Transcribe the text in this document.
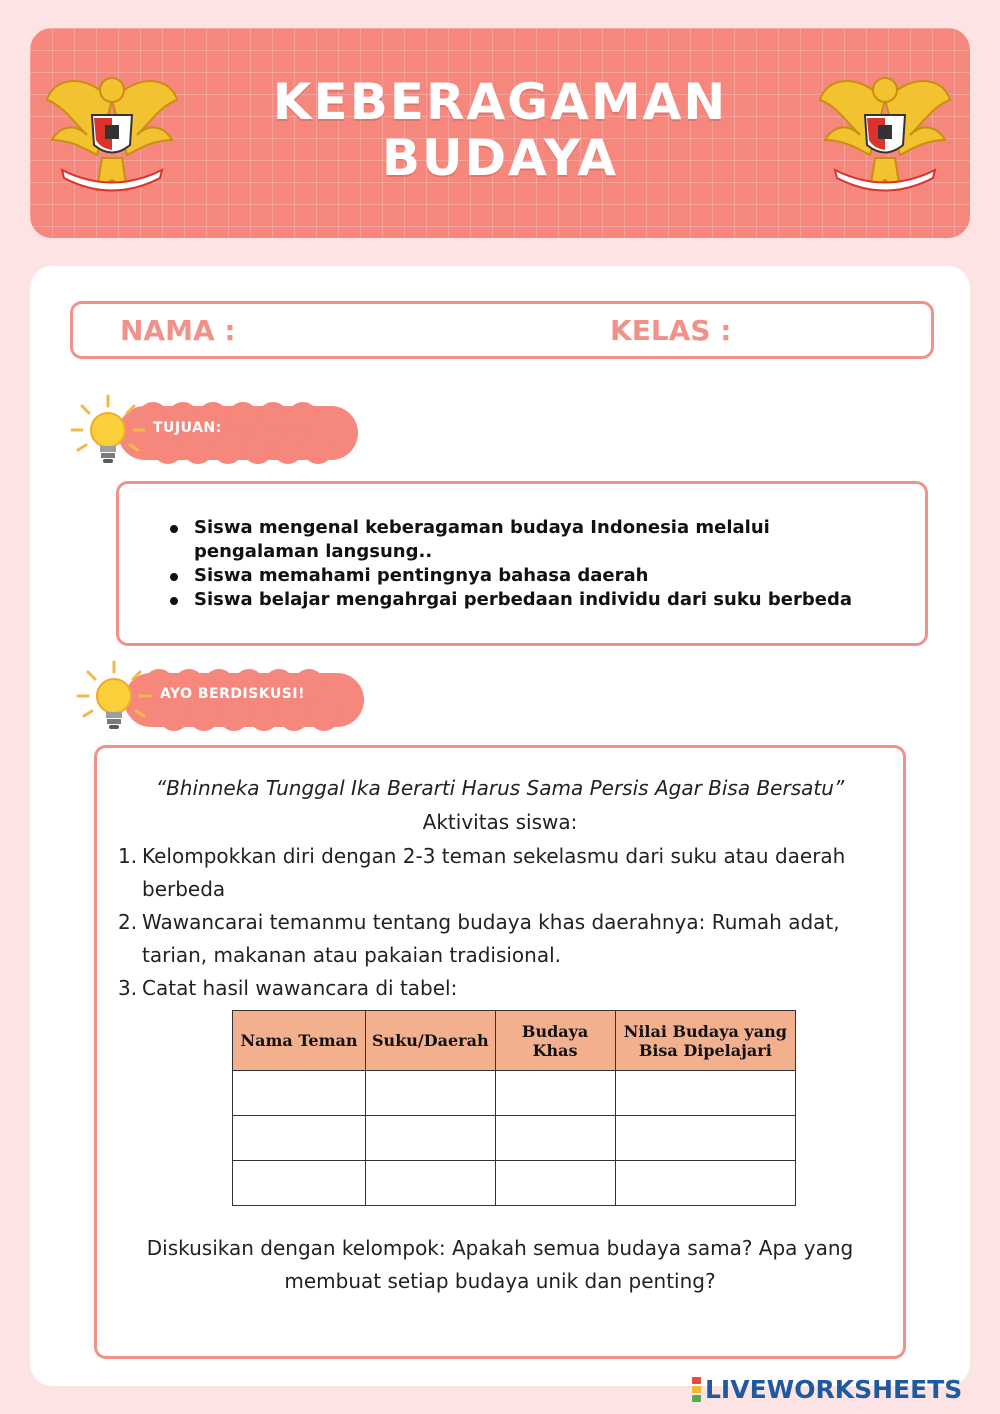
KEBERAGAMAN
BUDAYA
NAMA :	KELAS :
TUJUAN:
Siswa mengenal keberagaman budaya Indonesia melalui pengalaman langsung..
Siswa memahami pentingnya bahasa daerah
Siswa belajar mengahrgai perbedaan individu dari suku berbeda
AYO BERDISKUSI!
“Bhinneka Tunggal Ika Berarti Harus Sama Persis Agar Bisa Bersatu”
Aktivitas siswa:
1. Kelompokkan diri dengan 2-3 teman sekelasmu dari suku atau daerah berbeda
2. Wawancarai temanmu tentang budaya khas daerahnya: Rumah adat, tarian, makanan atau pakaian tradisional.
3. Catat hasil wawancara di tabel:
Nama Teman	Suku/Daerah	Budaya Khas	Nilai Budaya yang Bisa Dipelajari

Diskusikan dengan kelompok: Apakah semua budaya sama? Apa yang membuat setiap budaya unik dan penting?
LIVEWORKSHEETS
